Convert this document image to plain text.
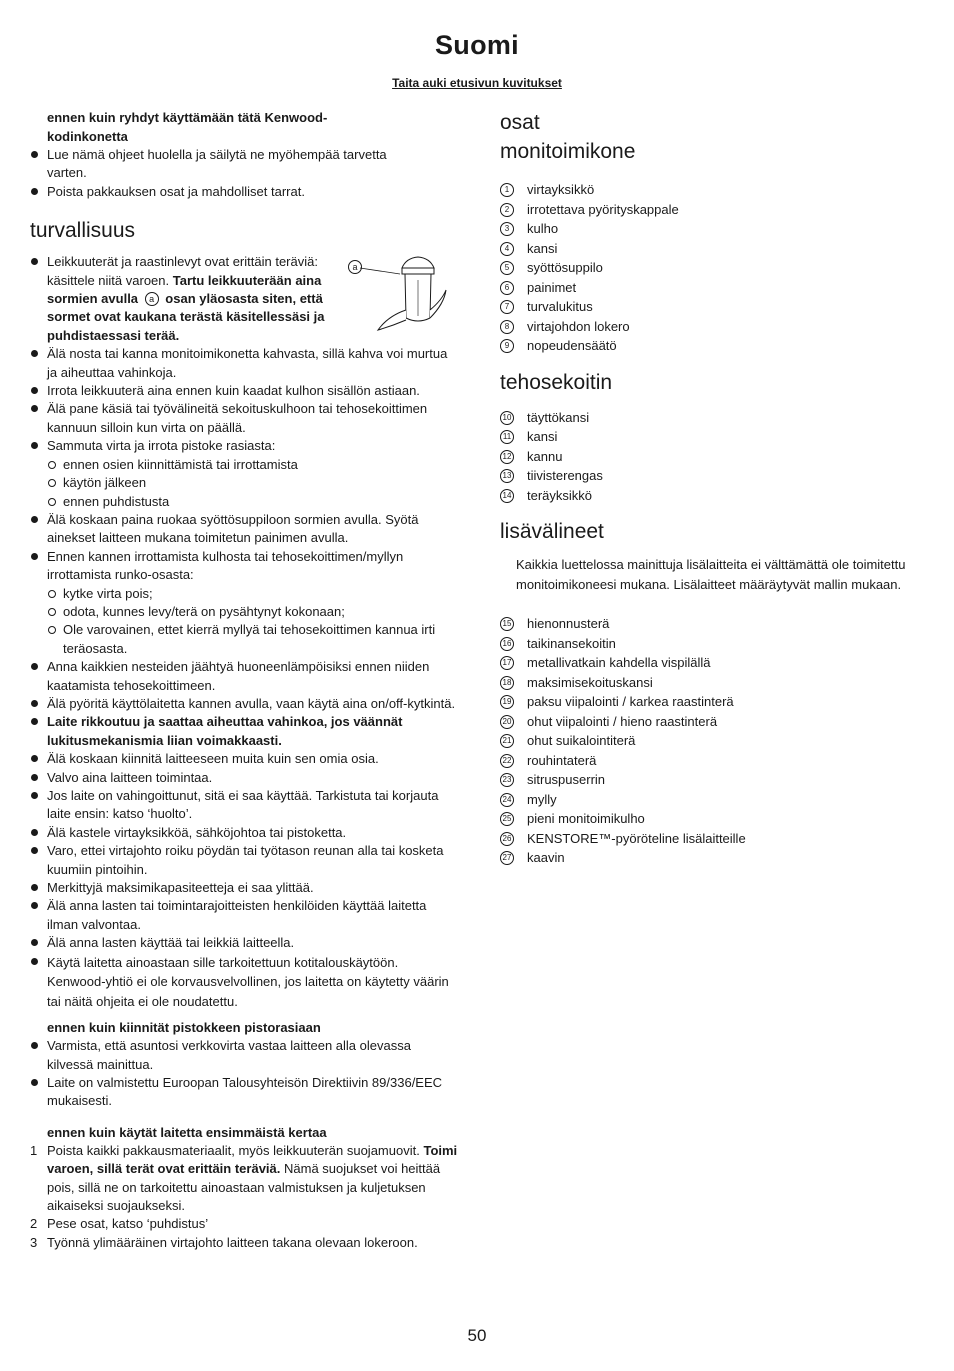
Suomi
Taita auki etusivun kuvitukset
ennen kuin ryhdyt käyttämään tätä Kenwood-kodinkonetta
Lue nämä ohjeet huolella ja säilytä ne myöhempää tarvetta varten.
Poista pakkauksen osat ja mahdolliset tarrat.
turvallisuus
Leikkuuterät ja raastinlevyt ovat erittäin teräviä: käsittele niitä varoen. Tartu leikkuuterään aina sormien avulla a osan yläosasta siten, että sormet ovat kaukana terästä käsitellessäsi ja puhdistaessasi terää.
Älä nosta tai kanna monitoimikonetta kahvasta, sillä kahva voi murtua ja aiheuttaa vahinkoja.
Irrota leikkuuterä aina ennen kuin kaadat kulhon sisällön astiaan.
Älä pane käsiä tai työvälineitä sekoituskulhoon tai tehosekoittimen kannuun silloin kun virta on päällä.
Sammuta virta ja irrota pistoke rasiasta:
ennen osien kiinnittämistä tai irrottamista
käytön jälkeen
ennen puhdistusta
Älä koskaan paina ruokaa syöttösuppiloon sormien avulla. Syötä ainekset laitteen mukana toimitetun painimen avulla.
Ennen kannen irrottamista kulhosta tai tehosekoittimen/myllyn irrottamista runko-osasta:
kytke virta pois;
odota, kunnes levy/terä on pysähtynyt kokonaan;
Ole varovainen, ettet kierrä myllyä tai tehosekoittimen kannua irti teräosasta.
Anna kaikkien nesteiden jäähtyä huoneenlämpöisiksi ennen niiden kaatamista tehosekoittimeen.
Älä pyöritä käyttölaitetta kannen avulla, vaan käytä aina on/off-kytkintä.
Laite rikkoutuu ja saattaa aiheuttaa vahinkoa, jos väännät lukitusmekanismia liian voimakkaasti.
Älä koskaan kiinnitä laitteeseen muita kuin sen omia osia.
Valvo aina laitteen toimintaa.
Jos laite on vahingoittunut, sitä ei saa käyttää. Tarkistuta tai korjauta laite ensin: katso ‘huolto’.
Älä kastele virtayksikköä, sähköjohtoa tai pistoketta.
Varo, ettei virtajohto roiku pöydän tai työtason reunan alla tai kosketa kuumiin pintoihin.
Merkittyjä maksimikapasiteetteja ei saa ylittää.
Älä anna lasten tai toimintarajoitteisten henkilöiden käyttää laitetta ilman valvontaa.
Älä anna lasten käyttää tai leikkiä laitteella.
Käytä laitetta ainoastaan sille tarkoitettuun kotitalouskäytöön. Kenwood-yhtiö ei ole korvausvelvollinen, jos laitetta on käytetty väärin tai näitä ohjeita ei ole noudatettu.
ennen kuin kiinnität pistokkeen pistorasiaan
Varmista, että asuntosi verkkovirta vastaa laitteen alla olevassa kilvessä mainittua.
Laite on valmistettu Euroopan Talousyhteisön Direktiivin 89/336/EEC mukaisesti.
ennen kuin käytät laitetta ensimmäistä kertaa
1 Poista kaikki pakkausmateriaalit, myös leikkuuterän suojamuovit. Toimi varoen, sillä terät ovat erittäin teräviä. Nämä suojukset voi heittää pois, sillä ne on tarkoitettu ainoastaan valmistuksen ja kuljetuksen aikaiseksi suojaukseksi.
2 Pese osat, katso ‘puhdistus’
3 Työnnä ylimääräinen virtajohto laitteen takana olevaan lokeroon.
a
osat
monitoimikone
1	virtayksikkö
2	irrotettava pyörityskappale
3	kulho
4	kansi
5	syöttösuppilo
6	painimet
7	turvalukitus
8	virtajohdon lokero
9	nopeudensäätö
tehosekoitin
10 täyttökansi
11 kansi
12 kannu
13 tiivisterengas
14 teräyksikkö
lisävälineet
Kaikkia luettelossa mainittuja lisälaitteita ei välttämättä ole toimitettu monitoimikoneesi mukana. Lisälaitteet määräytyvät mallin mukaan.
15 hienonnusterä
16 taikinansekoitin
17 metallivatkain kahdella vispilällä
18 maksimisekoituskansi
19 paksu viipalointi / karkea raastinterä
20 ohut viipalointi / hieno raastinterä
21 ohut suikalointiterä
22 rouhintaterä
23 sitruspuserrin
24 mylly
25 pieni monitoimikulho
26 KENSTORE™-pyöröteline lisälaitteille
27 kaavin
50
